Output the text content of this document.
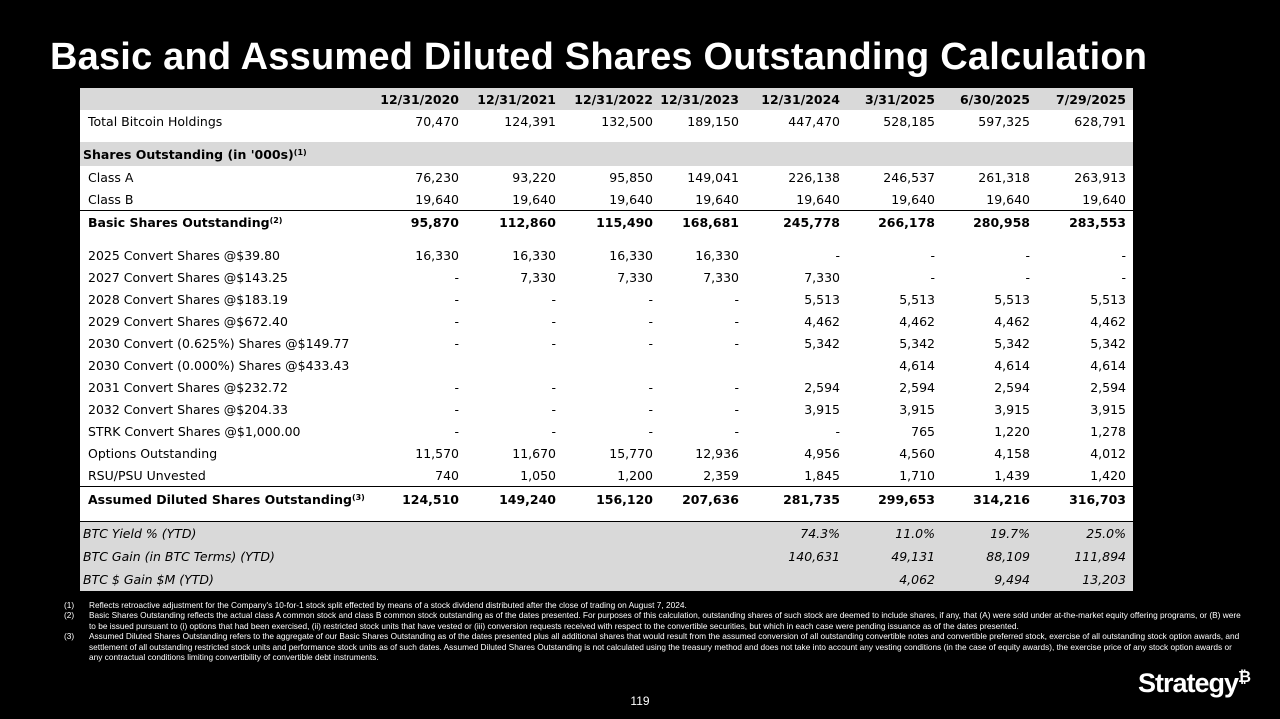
Basic and Assumed Diluted Shares Outstanding Calculation
	12/31/2020	12/31/2021	12/31/2022	12/31/2023	12/31/2024	3/31/2025	6/30/2025	7/29/2025
Total Bitcoin Holdings	70,470	124,391	132,500	189,150	447,470	528,185	597,325	628,791

Shares Outstanding (in '000s)$^{(1)}$
Class A	76,230	93,220	95,850	149,041	226,138	246,537	261,318	263,913
Class B	19,640	19,640	19,640	19,640	19,640	19,640	19,640	19,640
Basic Shares Outstanding$^{(2)}$	95,870	112,860	115,490	168,681	245,778	266,178	280,958	283,553

2025 Convert Shares @$39.80	16,330	16,330	16,330	16,330	-	-	-	-
2027 Convert Shares @$143.25	-	7,330	7,330	7,330	7,330	-	-	-
2028 Convert Shares @$183.19	-	-	-	-	5,513	5,513	5,513	5,513
2029 Convert Shares @$672.40	-	-	-	-	4,462	4,462	4,462	4,462
2030 Convert (0.625%) Shares @$149.77	-	-	-	-	5,342	5,342	5,342	5,342
2030 Convert (0.000%) Shares @$433.43						4,614	4,614	4,614
2031 Convert Shares @$232.72	-	-	-	-	2,594	2,594	2,594	2,594
2032 Convert Shares @$204.33	-	-	-	-	3,915	3,915	3,915	3,915
STRK Convert Shares @$1,000.00	-	-	-	-	-	765	1,220	1,278
Options Outstanding	11,570	11,670	15,770	12,936	4,956	4,560	4,158	4,012
RSU/PSU Unvested	740	1,050	1,200	2,359	1,845	1,710	1,439	1,420
Assumed Diluted Shares Outstanding$^{(3)}$	124,510	149,240	156,120	207,636	281,735	299,653	314,216	316,703

BTC Yield % (YTD)					74.3%	11.0%	19.7%	25.0%
BTC Gain (in BTC Terms) (YTD)					140,631	49,131	88,109	111,894
BTC $ Gain $M (YTD)						4,062	9,494	13,203
(1)	Reflects retroactive adjustment for the Company's 10-for-1 stock split effected by means of a stock dividend distributed after the close of trading on August 7, 2024.
(2)	Basic Shares Outstanding reflects the actual class A common stock and class B common stock outstanding as of the dates presented. For purposes of this calculation, outstanding shares of such stock are deemed to include shares, if any, that (A) were sold under at-the-market equity offering programs, or (B) were to be issued pursuant to (i) options that had been exercised, (ii) restricted stock units that have vested or (iii) conversion requests received with respect to the convertible securities, but which in each case were pending issuance as of the dates presented.
(3)	Assumed Diluted Shares Outstanding refers to the aggregate of our Basic Shares Outstanding as of the dates presented plus all additional shares that would result from the assumed conversion of all outstanding convertible notes and convertible preferred stock, exercise of all outstanding stock option awards, and settlement of all outstanding restricted stock units and performance stock units as of such dates. Assumed Diluted Shares Outstanding is not calculated using the treasury method and does not take into account any vesting conditions (in the case of equity awards), the exercise price of any stock option awards or any contractual conditions limiting convertibility of convertible debt instruments.
119
Strategy₿
